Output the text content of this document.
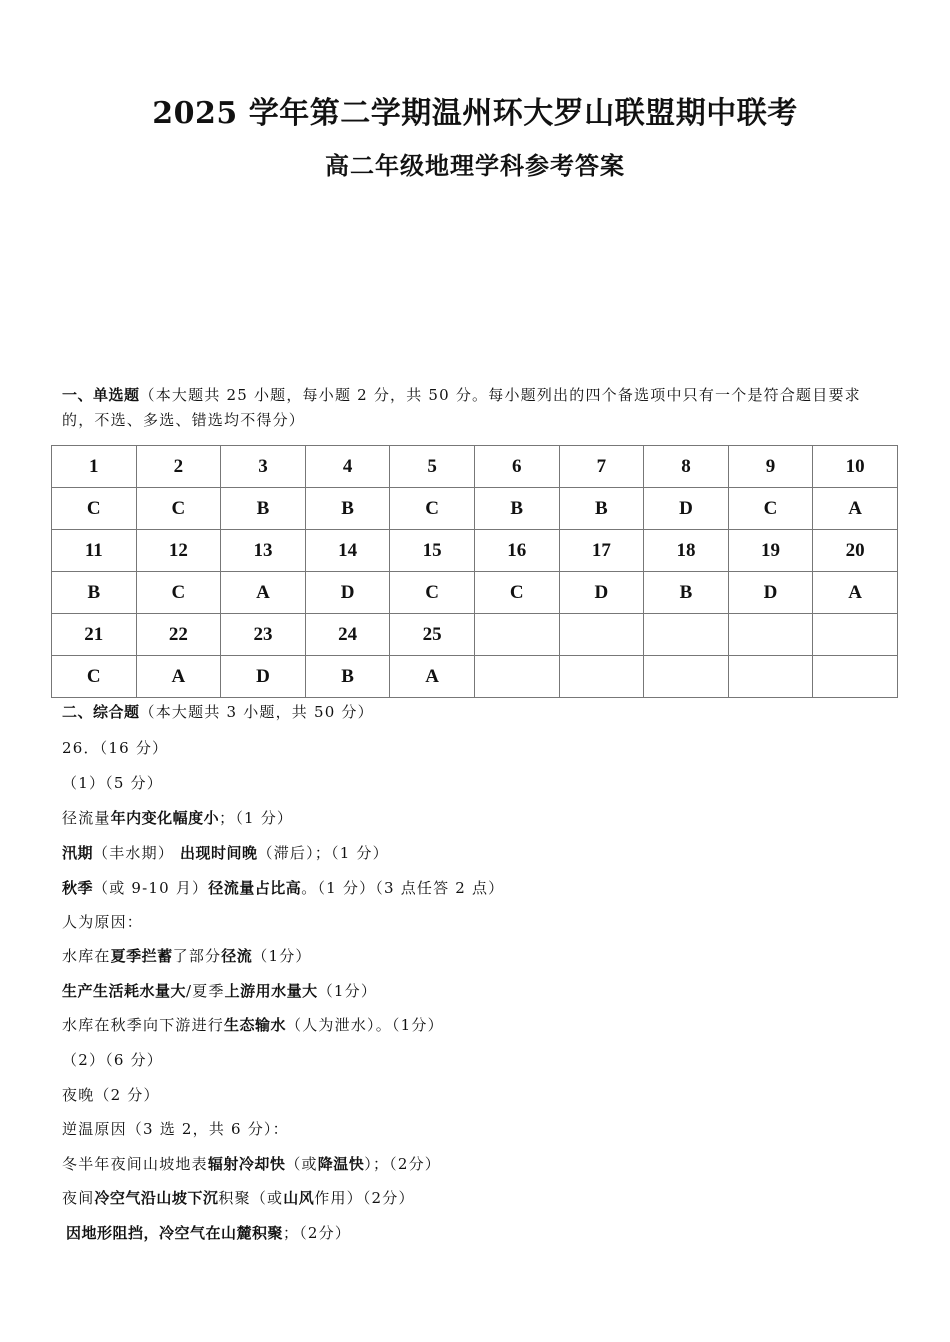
2025 学年第二学期温州环大罗山联盟期中联考
高二年级地理学科参考答案
一、单选题（本大题共 25 小题，每小题 2 分，共 50 分。每小题列出的四个备选项中只有一个是符合题目要求的，不选、多选、错选均不得分）
1	2	3	4	5	6	7	8	9	10
C	C	B	B	C	B	B	D	C	A
11	12	13	14	15	16	17	18	19	20
B	C	A	D	C	C	D	B	D	A
21	22	23	24	25					
C	A	D	B	A					
二、综合题（本大题共 3 小题，共 50 分）
26．（16 分）
（1）（5 分）
径流量年内变化幅度小；（1 分）
汛期（丰水期） 出现时间晚（滞后）；（1 分）
秋季（或 9-10 月）径流量占比高。（1 分）（3 点任答 2 点）
人为原因：
水库在夏季拦蓄了部分径流（1分）
生产生活耗水量大/夏季上游用水量大（1分）
水库在秋季向下游进行生态输水（人为泄水）。（1分）
（2）（6 分）
夜晚（2 分）
逆温原因（3 选 2，共 6 分）：
冬半年夜间山坡地表辐射冷却快（或降温快）；（2分）
夜间冷空气沿山坡下沉积聚（或山风作用）（2分）
因地形阻挡，冷空气在山麓积聚；（2分）
